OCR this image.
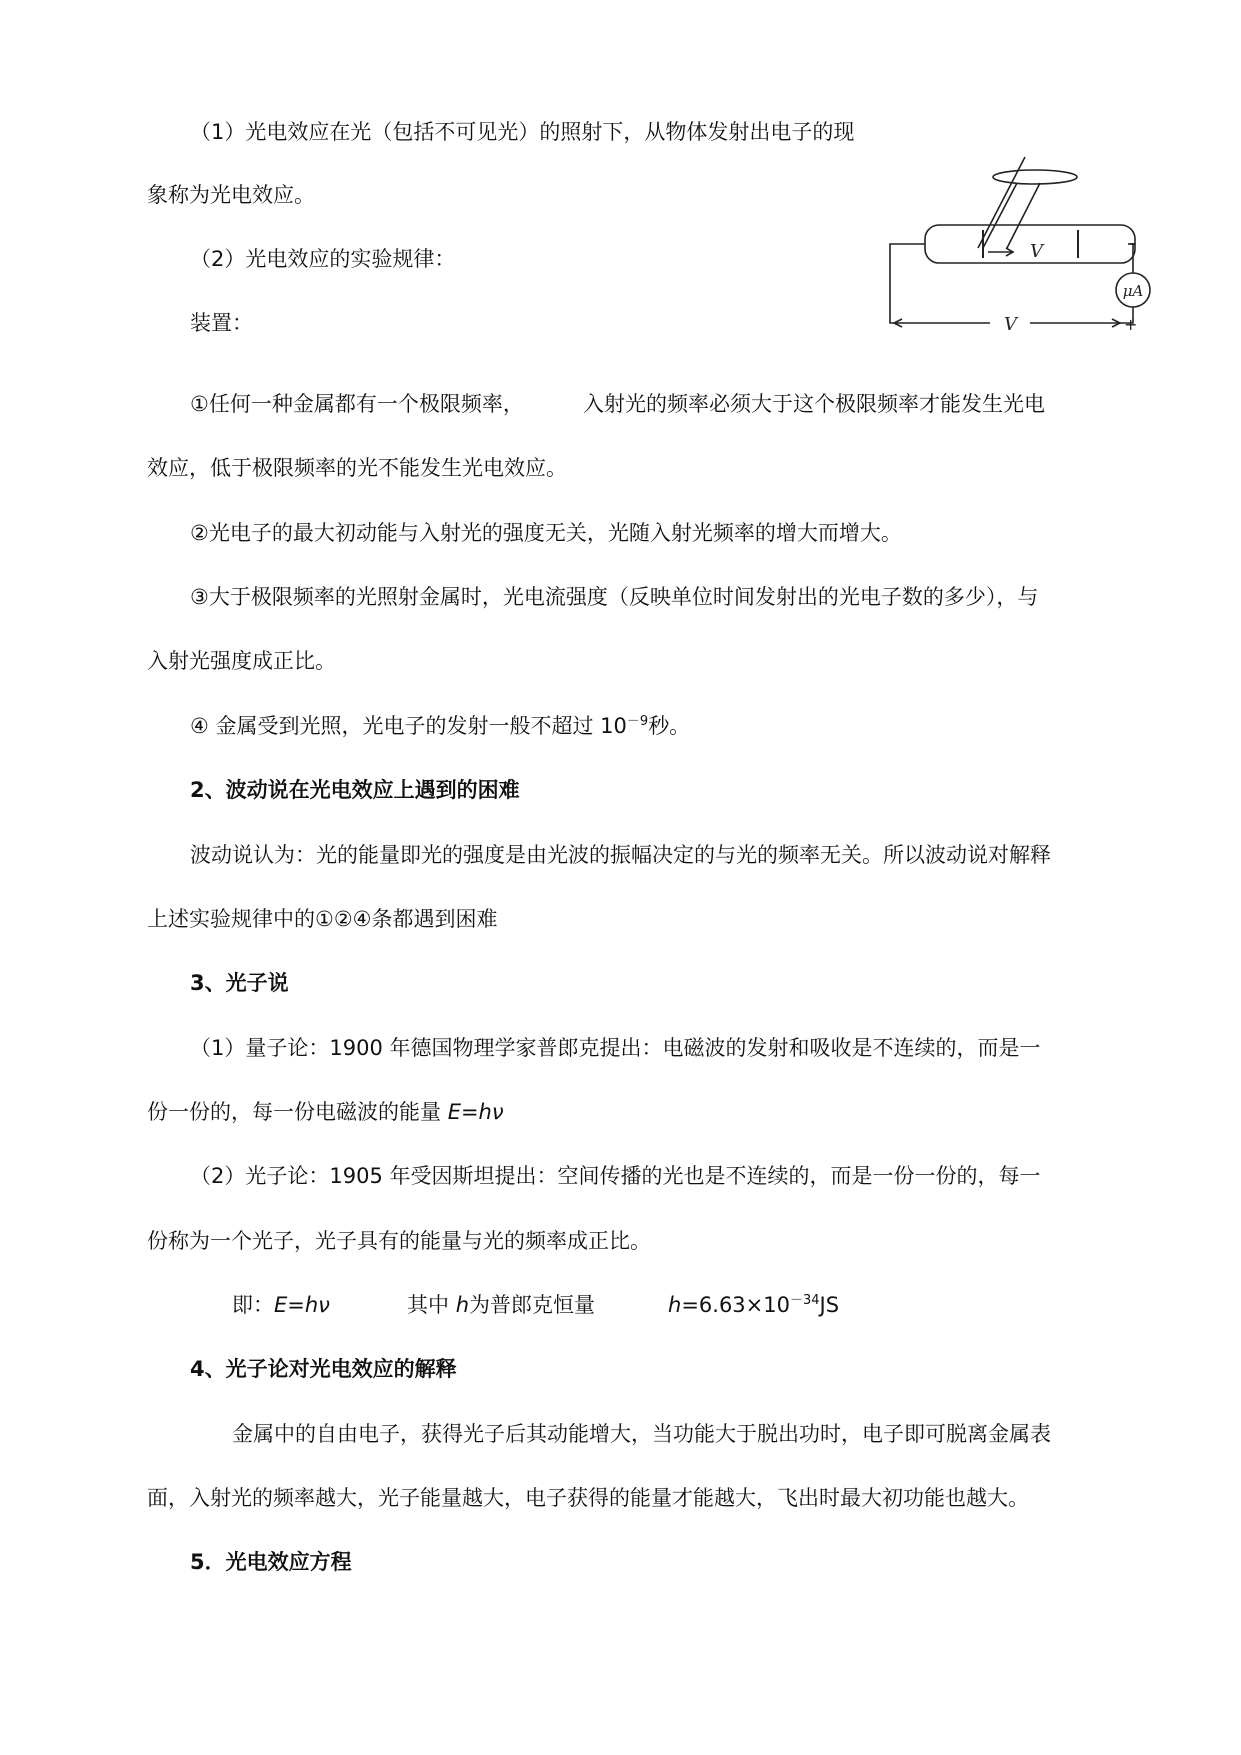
（1）光电效应在光（包括不可见光）的照射下，从物体发射出电子的现
象称为光电效应。
（2）光电效应的实验规律：
装置：
μA
V
V	+
①任何一种金属都有一个极限频率，	入射光的频率必须大于这个极限频率才能发生光电
效应，低于极限频率的光不能发生光电效应。
②光电子的最大初动能与入射光的强度无关，光随入射光频率的增大而增大。
③大于极限频率的光照射金属时，光电流强度（反映单位时间发射出的光电子数的多少），与
入射光强度成正比。
④ 金属受到光照，光电子的发射一般不超过 $10^{-9}$秒。
2、波动说在光电效应上遇到的困难
波动说认为：光的能量即光的强度是由光波的振幅决定的与光的频率无关。所以波动说对解释
上述实验规律中的①②④条都遇到困难
3、光子说
（1）量子论：1900 年德国物理学家普郎克提出：电磁波的发射和吸收是不连续的，而是一
份一份的，每一份电磁波的能量 E=hν
（2）光子论：1905 年受因斯坦提出：空间传播的光也是不连续的，而是一份一份的，每一
份称为一个光子，光子具有的能量与光的频率成正比。
即：E=hν	其中 h为普郎克恒量	$h=6.63\times 10^{-34}JS$
4、光子论对光电效应的解释
金属中的自由电子，获得光子后其动能增大，当功能大于脱出功时，电子即可脱离金属表
面，入射光的频率越大，光子能量越大，电子获得的能量才能越大，飞出时最大初功能也越大。
5．光电效应方程
